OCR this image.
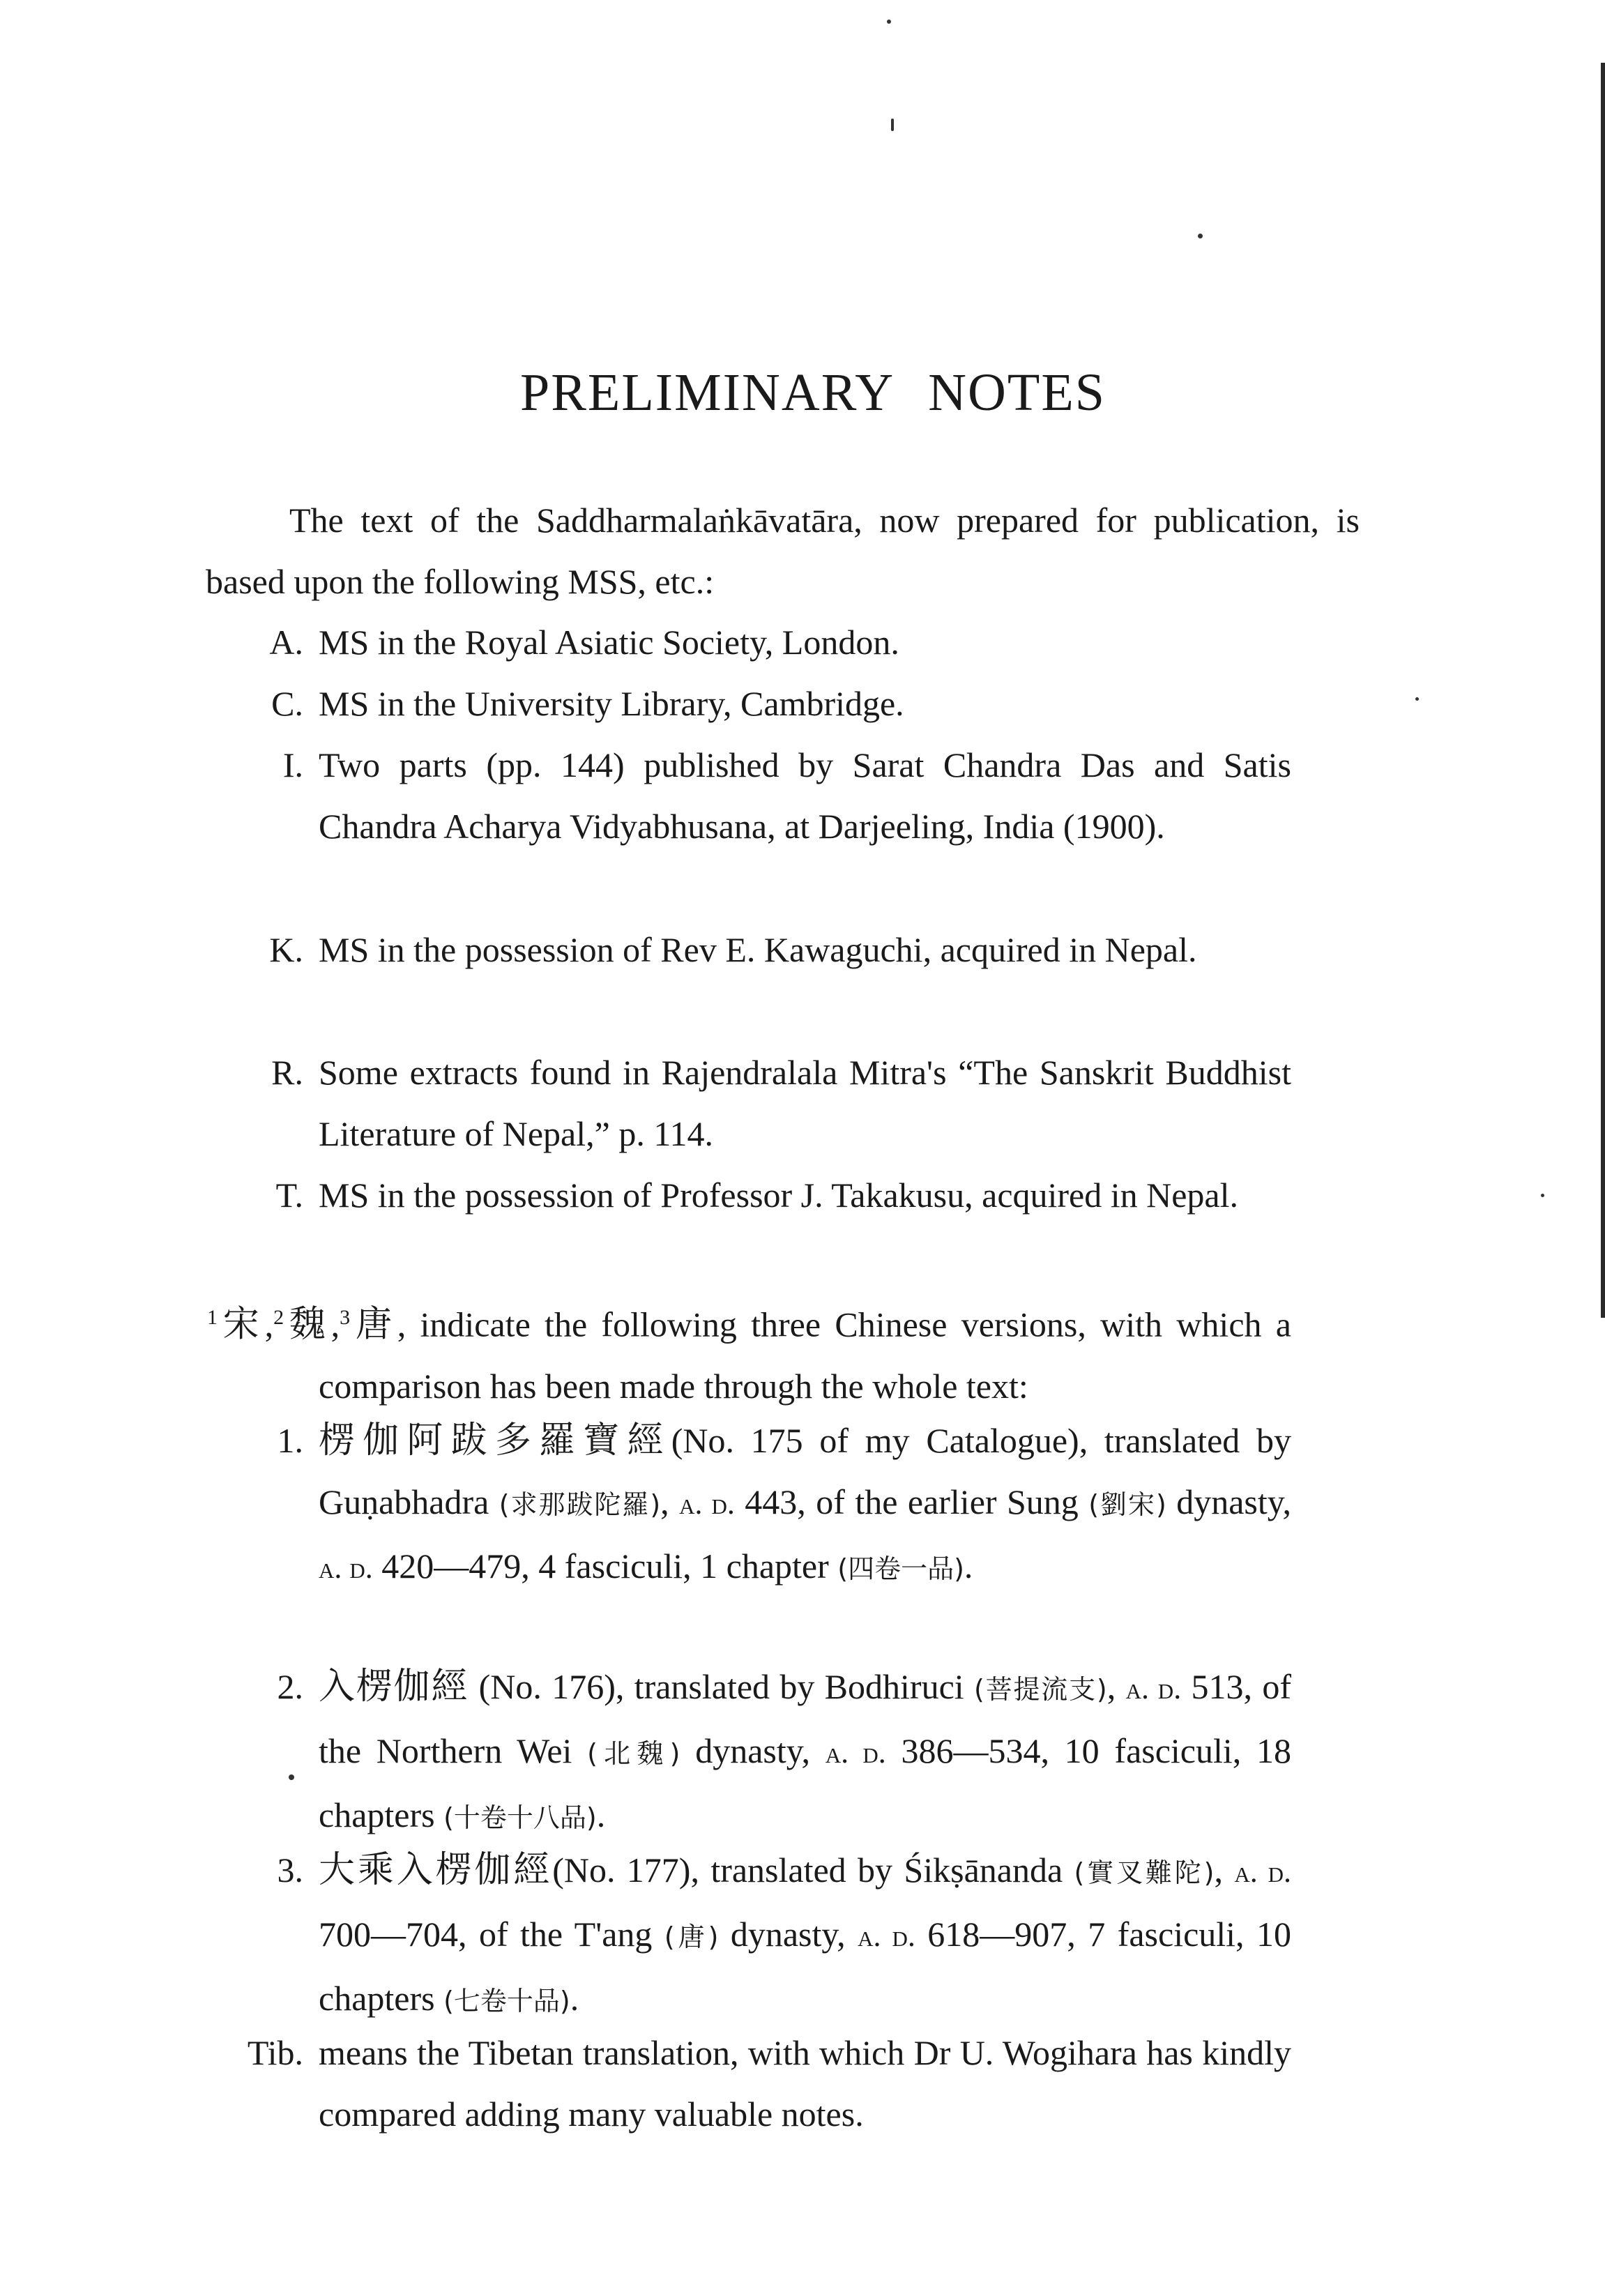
PRELIMINARY NOTES
The text of the Saddharmalaṅkāvatāra, now prepared for publication, is based upon the following MSS, etc.:
A. MS in the Royal Asiatic Society, London.
C. MS in the University Library, Cambridge.
I. Two parts (pp. 144) published by Sarat Chandra Das and Satis Chandra Acharya Vidyabhusana, at Darjeeling, India (1900).
K. MS in the possession of Rev E. Kawaguchi, acquired in Nepal.
R. Some extracts found in Rajendralala Mitra's “The Sanskrit Buddhist Literature of Nepal,” p. 114.
T. MS in the possession of Professor J. Takakusu, acquired in Nepal.
$^1$宋,$^2$魏,$^3$唐, indicate the following three Chinese versions, with which a comparison has been made through the whole text:
1. 楞伽阿跋多羅寶經(No. 175 of my Catalogue), translated by Guṇabhadra (求那跋陀羅), a. d. 443, of the earlier Sung (劉宋) dynasty, a. d. 420—479, 4 fasciculi, 1 chapter (四卷一品).
2. 入楞伽經 (No. 176), translated by Bodhiruci (菩提流支), a. d. 513, of the Northern Wei (北魏) dynasty, a. d. 386—534, 10 fasciculi, 18 chapters (十卷十八品).
3. 大乘入楞伽經(No. 177), translated by Śikṣānanda (實叉難陀), a. d. 700—704, of the T'ang (唐) dynasty, a. d. 618—907, 7 fasciculi, 10 chapters (七卷十品).
Tib. means the Tibetan translation, with which Dr U. Wogihara has kindly compared adding many valuable notes.
